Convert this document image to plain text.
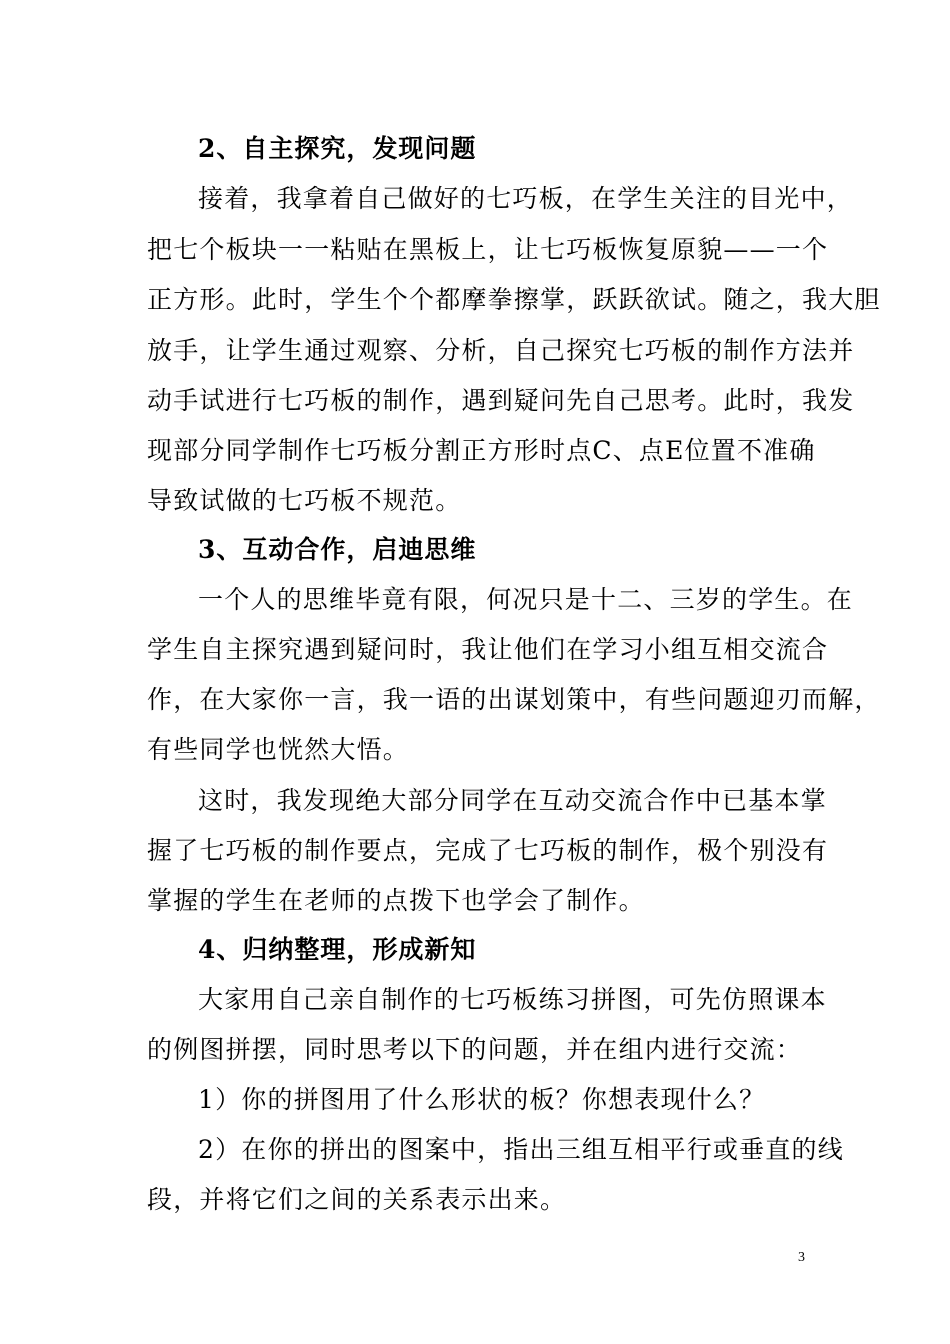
2、自主探究，发现问题
接着，我拿着自己做好的七巧板，在学生关注的目光中，
把七个板块一一粘贴在黑板上，让七巧板恢复原貌——一个
正方形。此时，学生个个都摩拳擦掌，跃跃欲试。随之，我大胆
放手，让学生通过观察、分析，自己探究七巧板的制作方法并
动手试进行七巧板的制作，遇到疑问先自己思考。此时，我发
现部分同学制作七巧板分割正方形时点C、点E位置不准确
导致试做的七巧板不规范。
3、互动合作，启迪思维
一个人的思维毕竟有限，何况只是十二、三岁的学生。在
学生自主探究遇到疑问时，我让他们在学习小组互相交流合
作，在大家你一言，我一语的出谋划策中，有些问题迎刃而解，
有些同学也恍然大悟。
这时，我发现绝大部分同学在互动交流合作中已基本掌
握了七巧板的制作要点，完成了七巧板的制作，极个别没有
掌握的学生在老师的点拨下也学会了制作。
4、归纳整理，形成新知
大家用自己亲自制作的七巧板练习拼图，可先仿照课本
的例图拼摆，同时思考以下的问题，并在组内进行交流：
1）你的拼图用了什么形状的板？你想表现什么？
2）在你的拼出的图案中，指出三组互相平行或垂直的线
段，并将它们之间的关系表示出来。
3
